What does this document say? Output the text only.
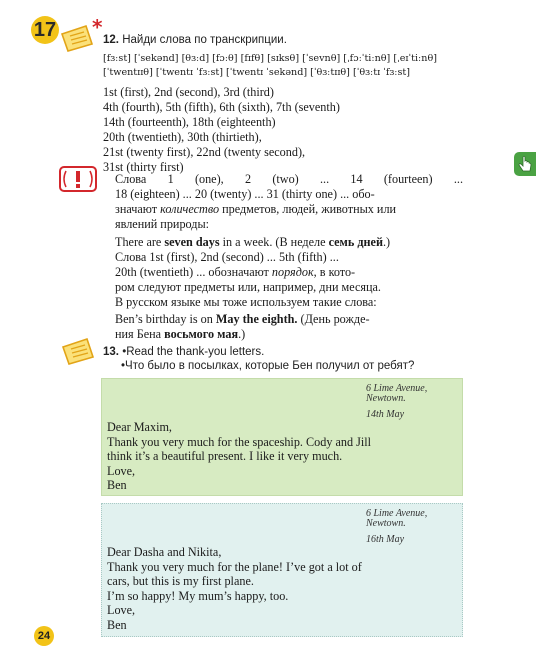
17 *
12. Найди слова по транскрипции.
[fɜːst] [ˈsekənd] [θɜːd] [fɔːθ] [fɪfθ] [sɪksθ] [ˈsevnθ] [ˌfɔːˈtiːnθ] [ˌeɪˈtiːnθ]
[ˈtwentɪɪθ] [ˈtwentɪ ˈfɜːst] [ˈtwentɪ ˈsekənd] [ˈθɜːtɪɪθ] [ˈθɜːtɪ ˈfɜːst]
1st (first), 2nd (second), 3rd (third)
4th (fourth), 5th (fifth), 6th (sixth), 7th (seventh)
14th (fourteenth), 18th (eighteenth)
20th (twentieth), 30th (thirtieth),
21st (twenty first), 22nd (twenty second),
31st (thirty first)
Слова 1 (one), 2 (two) ... 14 (fourteen) ...
18 (eighteen) ... 20 (twenty) ... 31 (thirty one) ... обо-
значают количество предметов, людей, животных или
явлений природы:
There are seven days in a week. (В неделе семь дней .)
Слова 1st (first), 2nd (second) ... 5th (fifth) ...
20th (twentieth) ... обозначают порядок , в кото-
ром следуют предметы или, например, дни месяца.
В русском языке мы тоже используем такие слова:
Ben’s birthday is on May the eighth. (День рожде-
ния Бена восьмого мая .)
13. •Read the thank-you letters.
•Что было в посылках, которые Бен получил от ребят?
6 Lime Avenue,
Newtown.
14th May
Dear Maxim,
Thank you very much for the spaceship. Cody and Jill
think it’s a beautiful present. I like it very much.
Love,
Ben
6 Lime Avenue,
Newtown.
16th May
Dear Dasha and Nikita,
Thank you very much for the plane! I’ve got a lot of
cars, but this is my first plane.
I’m so happy! My mum’s happy, too.
Love,
Ben
24
